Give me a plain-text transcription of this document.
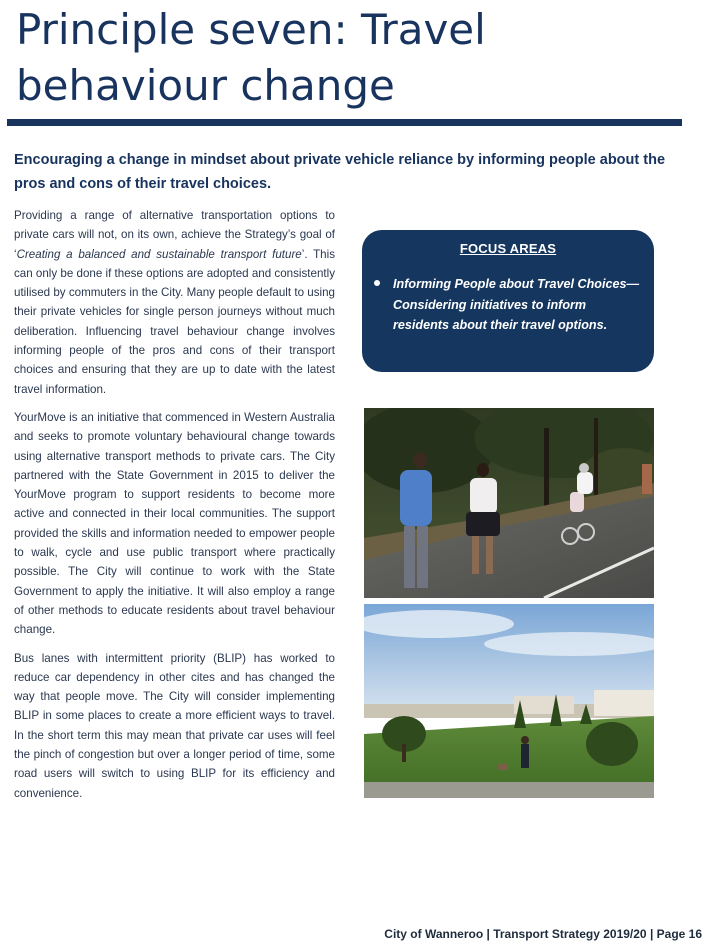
Principle seven: Travel behaviour change

Encouraging a change in mindset about private vehicle reliance by informing people about the pros and cons of their travel choices.

Providing a range of alternative transportation options to private cars will not, on its own, achieve the Strategy’s goal of ‘Creating a balanced and sustainable transport future’. This can only be done if these options are adopted and consistently utilised by commuters in the City. Many people default to using their private vehicles for single person journeys without much deliberation. Influencing travel behaviour change involves informing people of the pros and cons of their transport choices and ensuring that they are up to date with the latest travel information.

YourMove is an initiative that commenced in Western Australia and seeks to promote voluntary behavioural change towards using alternative transport methods to private cars. The City partnered with the State Government in 2015 to deliver the YourMove program to support residents to become more active and connected in their local communities. The support provided the skills and information needed to empower people to walk, cycle and use public transport where practically possible. The City will continue to work with the State Government to apply the initiative. It will also employ a range of other methods to educate residents about travel behaviour change.

Bus lanes with intermittent priority (BLIP) has worked to reduce car dependency in other cites and has changed the way that people move. The City will consider implementing BLIP in some places to create a more efficient ways to travel. In the short term this may mean that private car uses will feel the pinch of congestion but over a longer period of time, some road users will switch to using BLIP for its efficiency and convenience.

FOCUS AREAS
Informing People about Travel Choices—Considering initiatives to inform residents about their travel options.
City of Wanneroo | Transport Strategy 2019/20 | Page 16
